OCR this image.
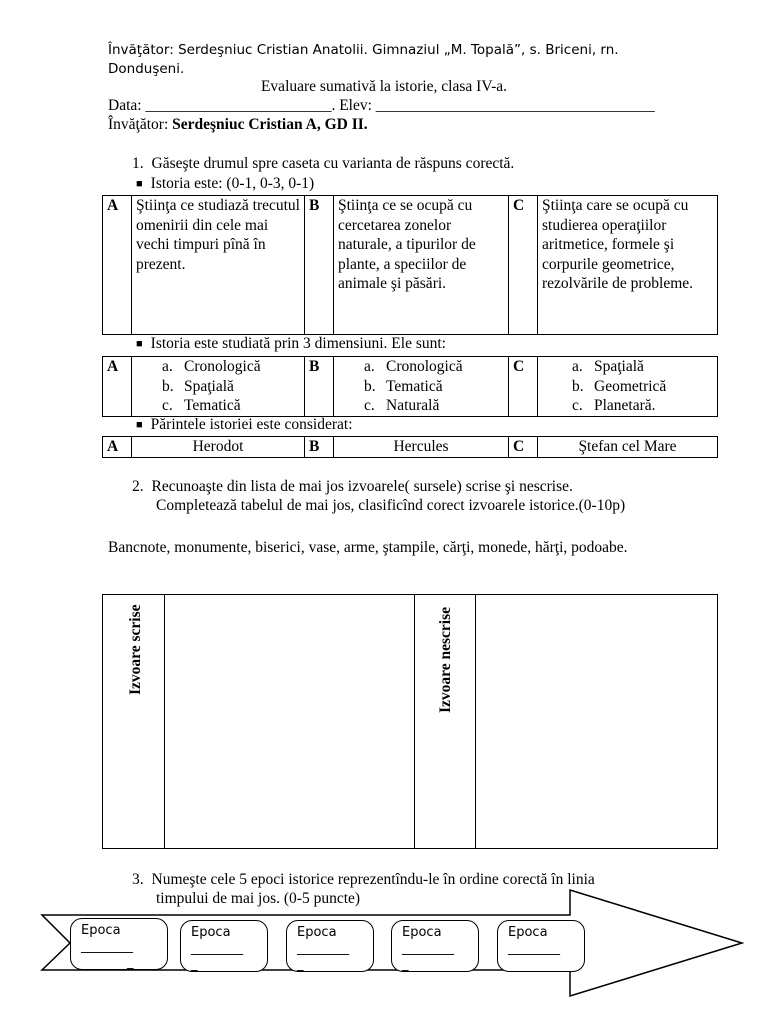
Învăţător: Serdeşniuc Cristian Anatolii. Gimnaziul „M. Topală”, s. Briceni, rn. Donduşeni.
Evaluare sumativă la istorie, clasa IV-a.
Data: ________________________. Elev: ____________________________________
Învăţător: Serdeşniuc Cristian A, GD II.
1. Găseşte drumul spre caseta cu varianta de răspuns corectă.
■ Istoria este: (0-1, 0-3, 0-1)
A	Ştiinţa ce studiază trecutul omenirii din cele mai vechi timpuri pînă în prezent.	B	Ştiinţa ce se ocupă cu cercetarea zonelor naturale, a tipurilor de plante, a speciilor de animale şi păsări.	C	Ştiinţa care se ocupă cu studierea operaţiilor aritmetice, formele şi corpurile geometrice, rezolvările de probleme.
■ Istoria este studiată prin 3 dimensiuni. Ele sunt:
A	a. Cronologică
b. Spaţială
c. Tematică
	B	a. Cronologică
b. Tematică
c. Naturală
	C	a. Spaţială
b. Geometrică
c. Planetară.
■ Părintele istoriei este considerat:
A	Herodot	B	Hercules	C	Ştefan cel Mare
2. Recunoaşte din lista de mai jos izvoarele( sursele) scrise şi nescrise.
Completează tabelul de mai jos, clasificînd corect izvoarele istorice.(0-10p)
Bancnote, monumente, biserici, vase, arme, ştampile, cărţi, monede, hărţi, podoabe.
Izvoare scrise	Izvoare nescrise
3. Numeşte cele 5 epoci istorice reprezentîndu-le în ordine corectă în linia
timpului de mai jos. (0-5 puncte)
Epoca
________
_
Epoca
________
_
Epoca
________
_
Epoca
________
_
Epoca
________
